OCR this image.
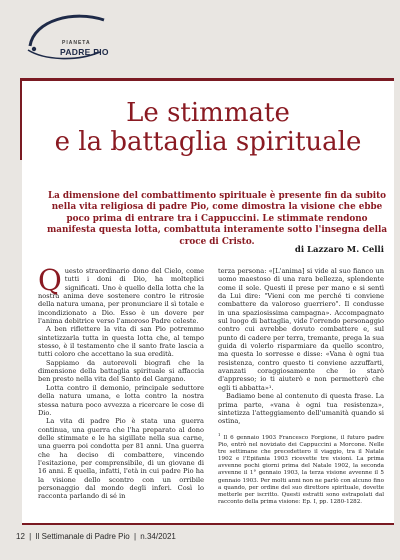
PIANETA
PADRE PIO
Le stimmate
e la battaglia spirituale
La dimensione del combattimento spirituale è presente fin da subito nella vita religiosa di padre Pio, come dimostra la visione che ebbe poco prima di entrare tra i Cappuccini. Le stimmate rendono manifesta questa lotta, combattuta interamente sotto l'insegna della croce di Cristo.
di Lazzaro M. Celli

Questo straordinario dono del Cielo, come tutti i doni di Dio, ha molteplici significati. Uno è quello della lotta che la nostra anima deve sostenere contro le ritrosie della natura umana, per pronunciare il sì totale e incondizionato a Dio. Esso è un dovere per l'anima debitrice verso l'amoroso Padre celeste.

A ben riflettere la vita di san Pio potremmo sintetizzarla tutta in questa lotta che, al tempo stesso, è il testamento che il santo frate lascia a tutti coloro che accettano la sua eredità.

Sappiamo da autorevoli biografi che la dimensione della battaglia spirituale si affaccia ben presto nella vita del Santo del Gargano.

Lotta contro il demonio, principale seduttore della natura umana, e lotta contro la nostra stessa natura poco avvezza a ricercare le cose di Dio.

La vita di padre Pio è stata una guerra continua, una guerra che l'ha preparato al dono delle stimmate e le ha sigillate nella sua carne, una guerra poi condotta per 81 anni. Una guerra che ha deciso di combattere, vincendo l'esitazione, per comprensibile, di un giovane di 16 anni. È quella, infatti, l'età in cui padre Pio ha la visione dello scontro con un orribile personaggio dal mondo degli inferi. Così lo racconta parlando di sé in

terza persona: «[L'anima] si vide al suo fianco un uomo maestoso di una rara bellezza, splendente come il sole. Questi il prese per mano e si sentì da Lui dire: "Vieni con me perché ti conviene combattere da valoroso guerriero". Il condusse in una spaziosissima campagna». Accompagnato sul luogo di battaglia, vide l'orrendo personaggio contro cui avrebbe dovuto combattere e, sul punto di cadere per terra, tremante, prega la sua guida di volerlo risparmiare da quello scontro, ma questa lo sorresse e disse: «Vana è ogni tua resistenza, contro questo ti conviene azzuffarti, avanzati coraggiosamente che io starò d'appresso; io ti aiuterò e non permetterò che egli ti abbatta»¹.

Badiamo bene al contenuto di questa frase. La prima parte, «vana è ogni tua resistenza», sintetizza l'atteggiamento dell'umanità quando si ostina,

$^1$ Il 6 gennaio 1903 Francesco Forgione, il futuro padre Pio, entrò nel noviziato dei Cappuccini a Morcone. Nelle tre settimane che precedettero il viaggio, tra il Natale 1902 e l'Epifania 1903 ricevette tre visioni. La prima avvenne pochi giorni prima del Natale 1902, la seconda avvenne il 1° gennaio 1903, la terza visione avvenne il 5 gennaio 1903. Per molti anni non ne parlò con alcuno fino a quando, per ordine del suo direttore spirituale, dovette metterle per iscritto. Questi estratti sono estrapolati dal racconto della prima visione: Ep. I, pp. 1280-1282.
12 | Il Settimanale di Padre Pio | n.34/2021
